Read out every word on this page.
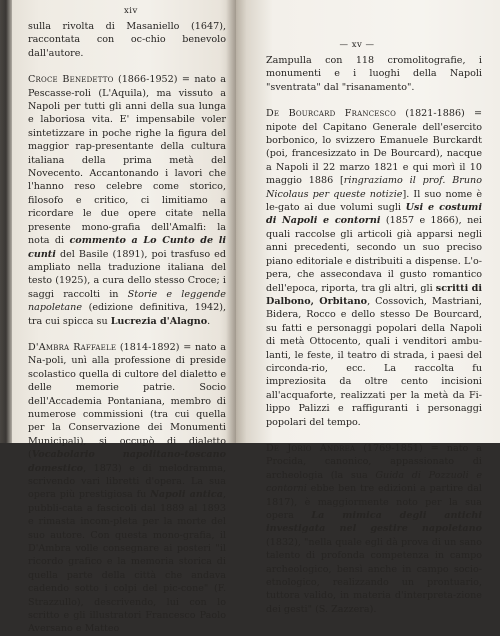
xiv

sulla rivolta di Masaniello (1647), raccontata con oc-chio benevolo dall'autore.

Croce Benedetto (1866-1952) = nato a Pescasse-roli (L'Aquila), ma vissuto a Napoli per tutti gli anni della sua lunga e laboriosa vita. E' impensabile voler sintetizzare in poche righe la figura del maggior rap-presentante della cultura italiana della prima metà del Novecento. Accantonando i lavori che l'hanno reso celebre come storico, filosofo e critico, ci limitiamo a ricordare le due opere citate nella presente mono-grafia dell'Amalfi: la nota di commento a Lo Cunto de li cunti del Basile (1891), poi trasfuso ed ampliato nella traduzione italiana del testo (1925), a cura dello stesso Croce; i saggi raccolti in Storie e leggende napoletane (edizione definitiva, 1942), tra cui spicca su Lucrezia d'Alagno.

D'Ambra Raffaele (1814-1892) = nato a Na-poli, unì alla professione di preside scolastico quella di cultore del dialetto e delle memorie patrie. Socio dell'Accademia Pontaniana, membro di numerose commissioni (tra cui quella per la Conservazione dei Monumenti Municipali), si occupò di dialetto (Vocabolario napolitano-toscano domestico, 1873) e di melodramma, scrivendo vari libretti d'opera. La sua opera più prestigiosa fu Napoli antica, pubbli-cata a fascicoli dal 1889 al 1893 e rimasta incom-pleta per la morte del suo autore. Con questa mono-grafia, il D'Ambra volle consegnare ai posteri "il ricordo grafico e la memoria storica di quella parte della città che andava cadendo sotto i colpi del pic-cone" (F. Strazzullo), descrivendo, lui con lo scritto e gli illustratori Francesco Paolo Aversano e Matteo

— xv —

Zampulla con 118 cromolitografie, i monumenti e i luoghi della Napoli "sventrata" dal "risanamento".

De Bourcard Francesco (1821-1886) = nipote del Capitano Generale dell'esercito borbonico, lo svizzero Emanuele Burckardt (poi, francesizzato in De Bourcard), nacque a Napoli il 22 marzo 1821 e qui morì il 10 maggio 1886 [ringraziamo il prof. Bruno Nicolaus per queste notizie]. Il suo nome è le-gato ai due volumi sugli Usi e costumi di Napoli e contorni (1857 e 1866), nei quali raccolse gli articoli già apparsi negli anni precedenti, secondo un suo preciso piano editoriale e distribuiti a dispense. L'o-pera, che assecondava il gusto romantico dell'epoca, riporta, tra gli altri, gli scritti di Dalbono, Orbitano, Cossovich, Mastriani, Bidera, Rocco e dello stesso De Bourcard, su fatti e personaggi popolari della Napoli di metà Ottocento, quali i venditori ambu-lanti, le feste, il teatro di strada, i paesi del circonda-rio, ecc. La raccolta fu impreziosita da oltre cento incisioni all'acquaforte, realizzati per la metà da Fi-lippo Palizzi e raffiguranti i personaggi popolari del tempo.

De Jorio Andrea (1769-1851) = nato a Procida, canonico, appassionato di archeologia (la sua Guida di Pozzuoli e contorni ebbe ben tre edizioni a partire dal 1817), è maggiormente noto per la sua opera La mimica degli antichi investigata nel gestire napoletano (1832), "nella quale egli dà prova di un sano talento di profonda competenza in campo archeologico, bensì anche in campo socio-etnologico, realizzando un prontuario, tuttora valido, in materia d'interpreta-zione dei gesti" (S. Zazzera).
